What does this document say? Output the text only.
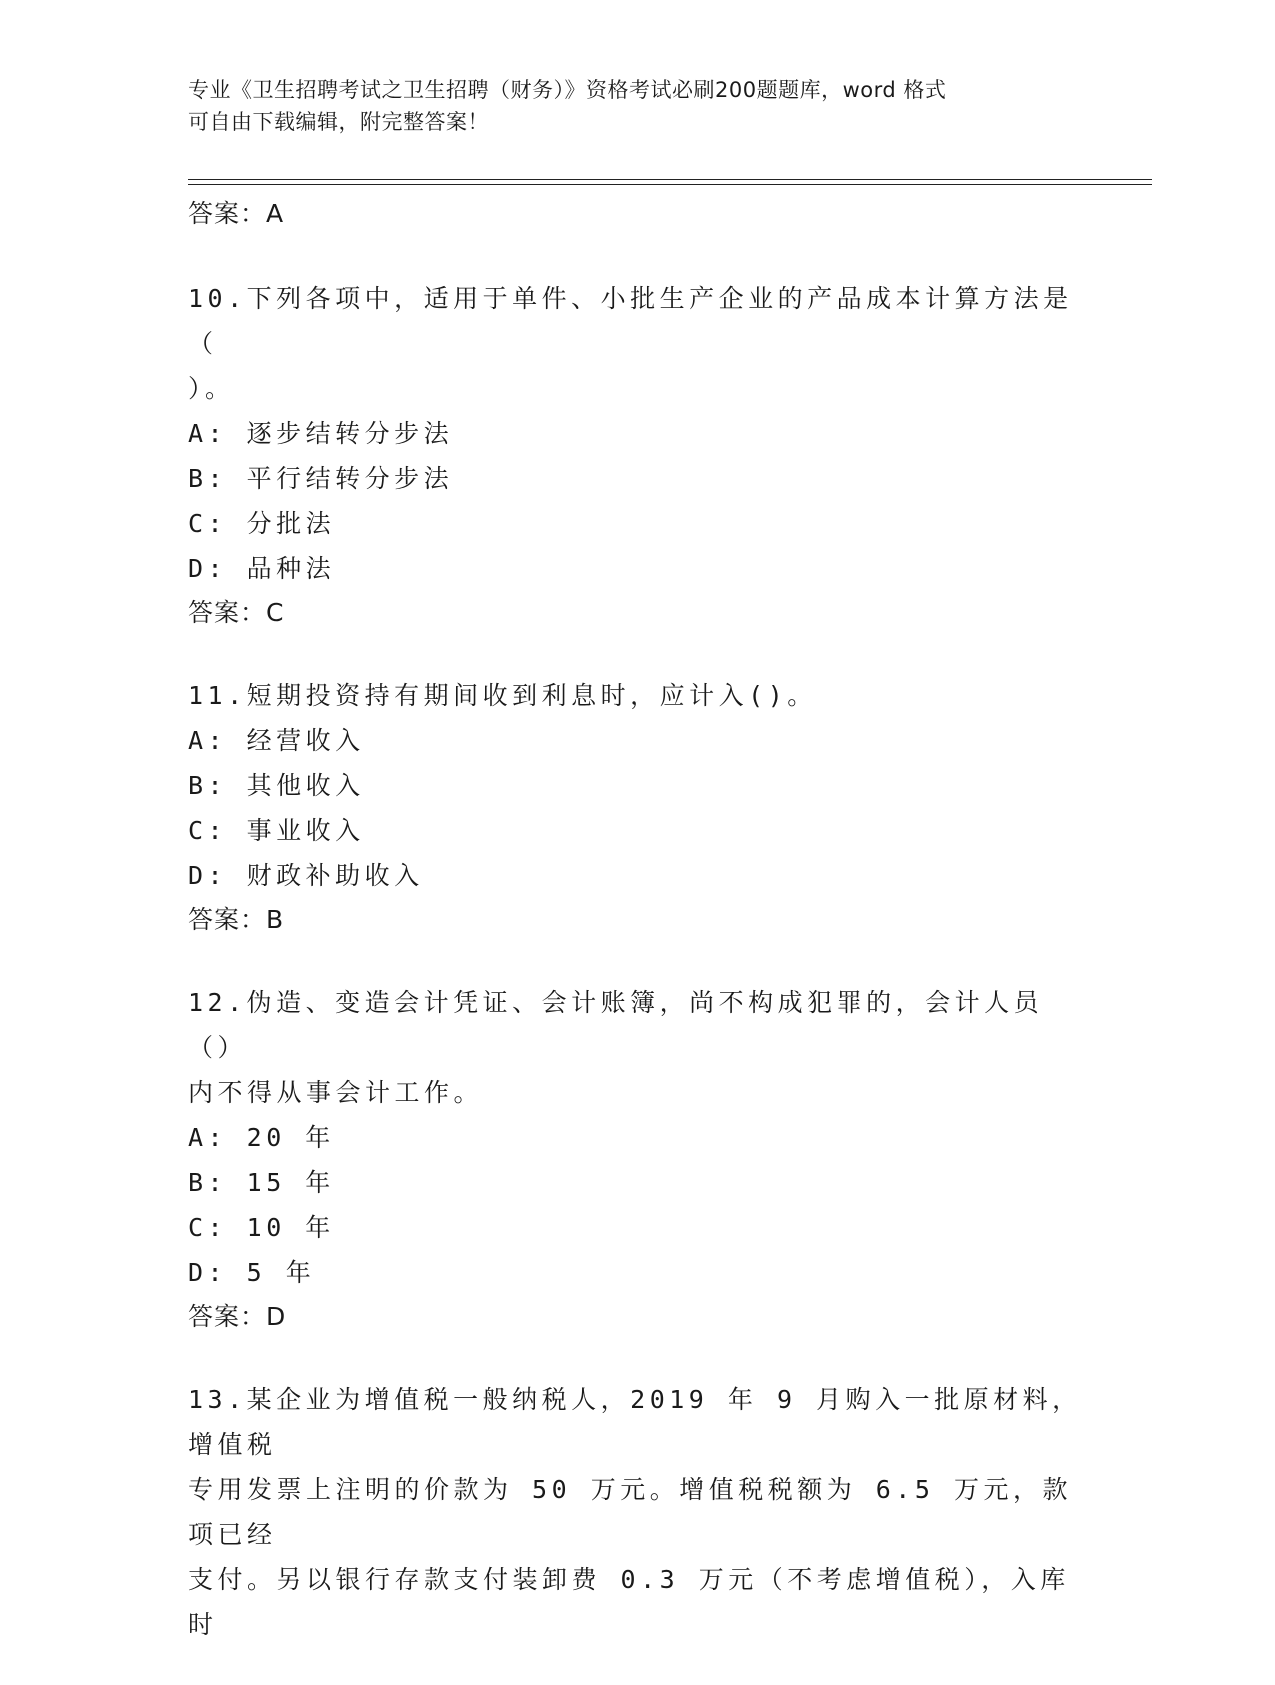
专业《卫生招聘考试之卫生招聘（财务）》资格考试必刷200题题库，word 格式
可自由下载编辑，附完整答案！
答案：A
10.下列各项中，适用于单件、小批生产企业的产品成本计算方法是（
）。
A: 逐步结转分步法
B: 平行结转分步法
C: 分批法
D: 品种法
答案：C
11.短期投资持有期间收到利息时，应计入()。
A: 经营收入
B: 其他收入
C: 事业收入
D: 财政补助收入
答案：B
12.伪造、变造会计凭证、会计账簿，尚不构成犯罪的，会计人员（）
内不得从事会计工作。
A: 20 年
B: 15 年
C: 10 年
D: 5 年
答案：D
13.某企业为增值税一般纳税人，2019 年 9 月购入一批原材料，增值税
专用发票上注明的价款为 50 万元。增值税税额为 6.5 万元，款项已经
支付。另以银行存款支付装卸费 0.3 万元（不考虑增值税），入库时
